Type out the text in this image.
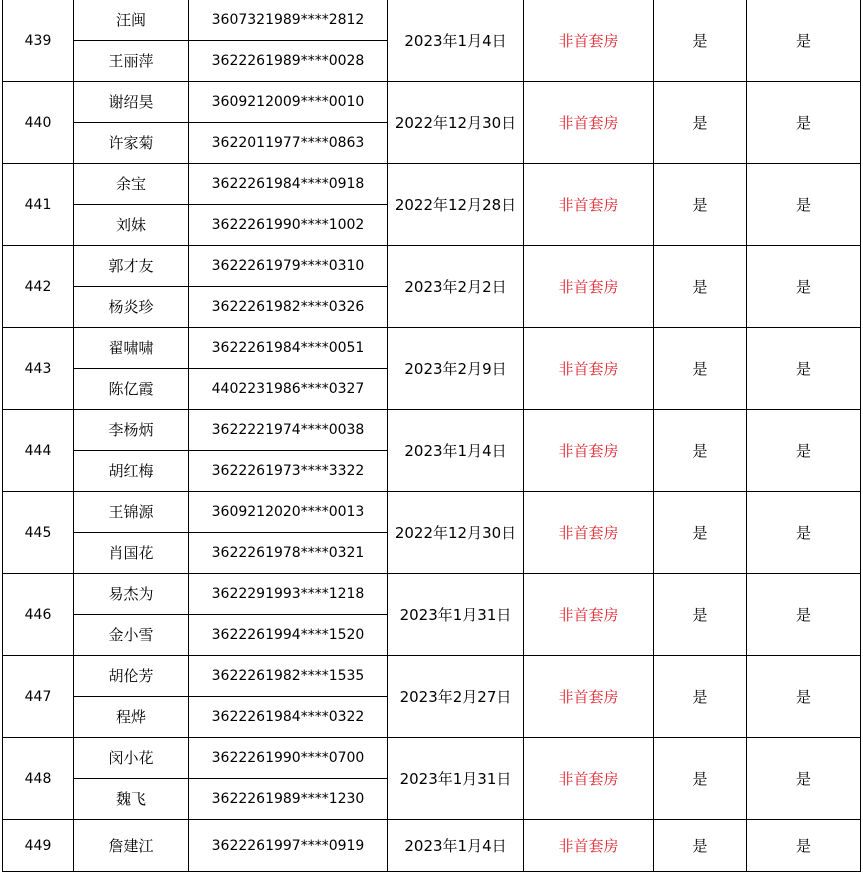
439	汪闽	3607321989****2812	2023年1月4日	非首套房	是	是
	王丽萍	3622261989****0028				
440	谢绍昊	3609212009****0010	2022年12月30日	非首套房	是	是
	许家菊	3622011977****0863				
441	余宝	3622261984****0918	2022年12月28日	非首套房	是	是
	刘妹	3622261990****1002				
442	郭才友	3622261979****0310	2023年2月2日	非首套房	是	是
	杨炎珍	3622261982****0326				
443	翟啸啸	3622261984****0051	2023年2月9日	非首套房	是	是
	陈亿霞	4402231986****0327				
444	李杨炳	3622221974****0038	2023年1月4日	非首套房	是	是
	胡红梅	3622261973****3322				
445	王锦源	3609212020****0013	2022年12月30日	非首套房	是	是
	肖国花	3622261978****0321				
446	易杰为	3622291993****1218	2023年1月31日	非首套房	是	是
	金小雪	3622261994****1520				
447	胡伦芳	3622261982****1535	2023年2月27日	非首套房	是	是
	程烨	3622261984****0322				
448	闵小花	3622261990****0700	2023年1月31日	非首套房	是	是
	魏飞	3622261989****1230				
449	詹建江	3622261997****0919	2023年1月4日	非首套房	是	是
